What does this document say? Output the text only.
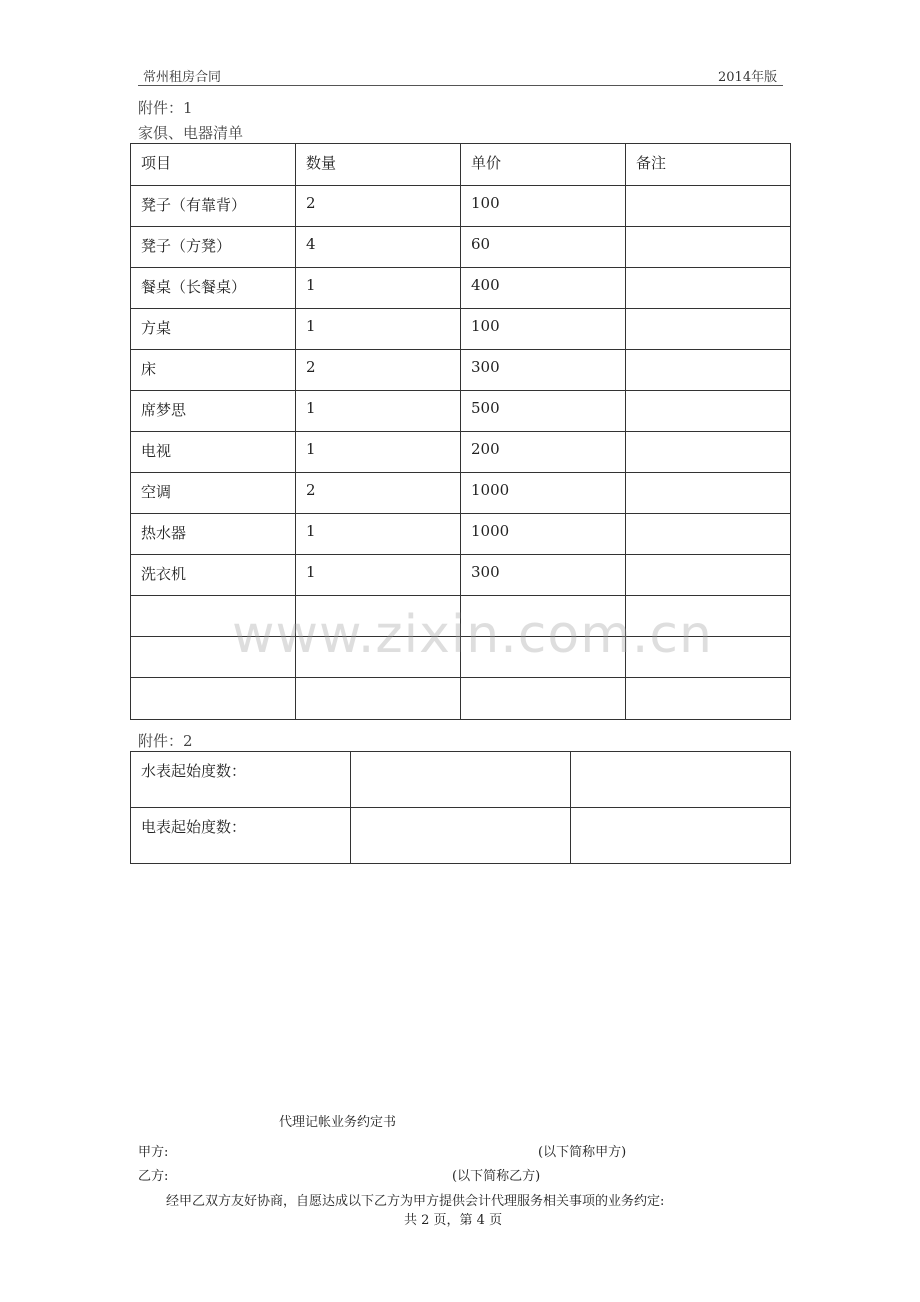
常州租房合同	2014年版
附件：1
家俱、电器清单
项目	数量	单价	备注
凳子（有靠背）	2	100	
凳子（方凳）	4	60	
餐桌（长餐桌）	1	400	
方桌	1	100	
床	2	300	
席梦思	1	500	
电视	1	200	
空调	2	1000	
热水器	1	1000	
洗衣机	1	300	

www.zixin.com.cn
附件：2
水表起始度数：		
电表起始度数：		
代理记帐业务约定书
甲方:	(以下简称甲方)
乙方:	(以下简称乙方)
经甲乙双方友好协商，自愿达成以下乙方为甲方提供会计代理服务相关事项的业务约定:
共 2 页，第 4 页
